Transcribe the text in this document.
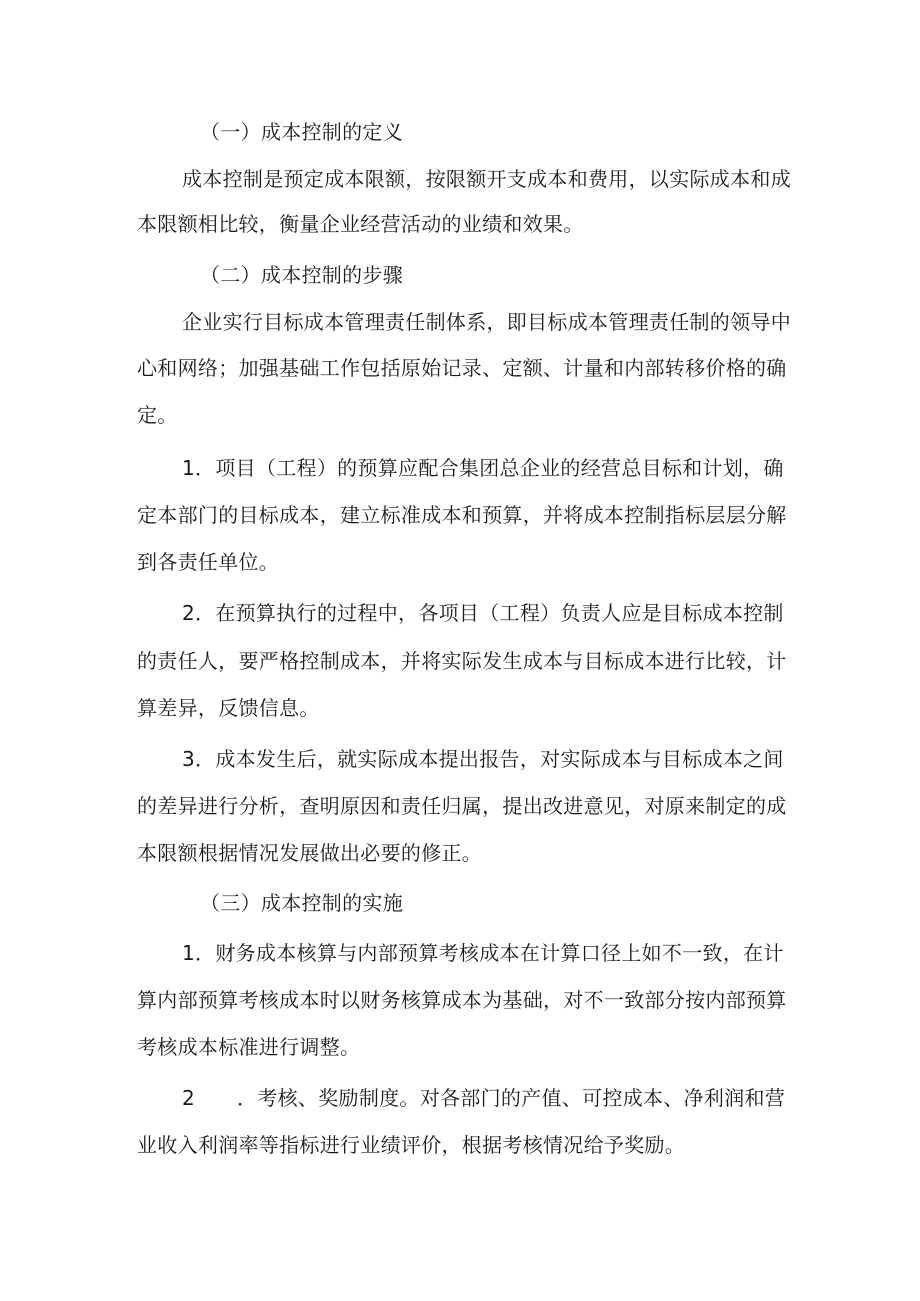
（一）成本控制的定义
成本控制是预定成本限额，按限额开支成本和费用，以实际成本和成
本限额相比较，衡量企业经营活动的业绩和效果。
（二）成本控制的步骤
企业实行目标成本管理责任制体系，即目标成本管理责任制的领导中
心和网络；加强基础工作包括原始记录、定额、计量和内部转移价格的确
定。
1．项目（工程）的预算应配合集团总企业的经营总目标和计划，确
定本部门的目标成本，建立标准成本和预算，并将成本控制指标层层分解
到各责任单位。
2．在预算执行的过程中，各项目（工程）负责人应是目标成本控制
的责任人，要严格控制成本，并将实际发生成本与目标成本进行比较，计
算差异，反馈信息。
3．成本发生后，就实际成本提出报告，对实际成本与目标成本之间
的差异进行分析，查明原因和责任归属，提出改进意见，对原来制定的成
本限额根据情况发展做出必要的修正。
（三）成本控制的实施
1．财务成本核算与内部预算考核成本在计算口径上如不一致，在计
算内部预算考核成本时以财务核算成本为基础，对不一致部分按内部预算
考核成本标准进行调整。
2 ．考核、奖励制度。对各部门的产值、可控成本、净利润和营
业收入利润率等指标进行业绩评价，根据考核情况给予奖励。
